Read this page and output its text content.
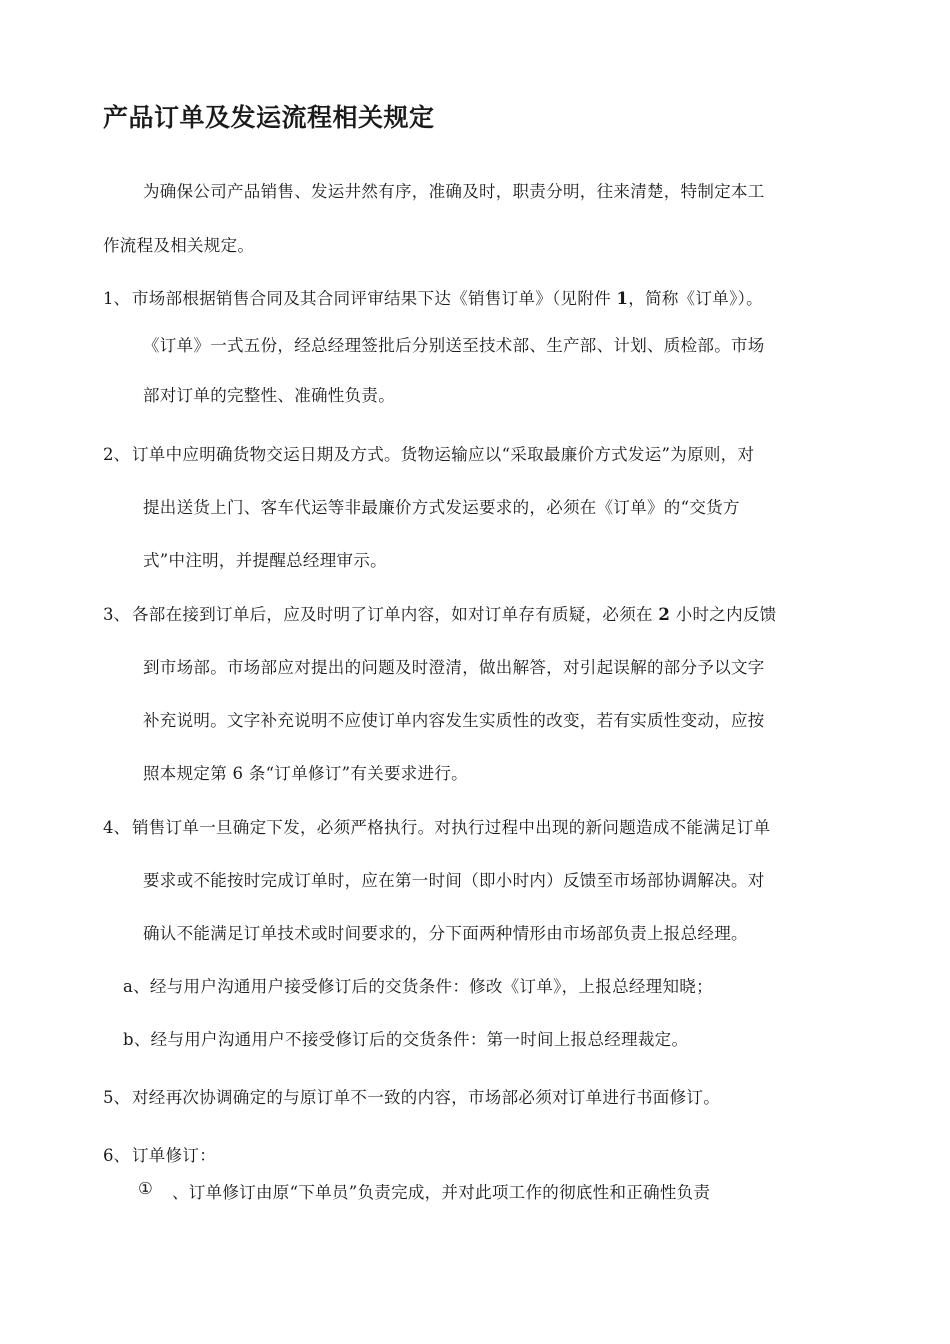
产品订单及发运流程相关规定
为确保公司产品销售、发运井然有序，准确及时，职责分明，往来清楚，特制定本工
作流程及相关规定。
1、 市场部根据销售合同及其合同评审结果下达《销售订单》（见附件 1，简称《订单》）。
《订单》一式五份，经总经理签批后分别送至技术部、生产部、计划、质检部。市场
部对订单的完整性、准确性负责。
2、 订单中应明确货物交运日期及方式。货物运输应以“采取最廉价方式发运”为原则，对
提出送货上门、客车代运等非最廉价方式发运要求的，必须在《订单》的“交货方
式”中注明，并提醒总经理审示。
3、 各部在接到订单后，应及时明了订单内容，如对订单存有质疑，必须在 2 小时之内反馈
到市场部。市场部应对提出的问题及时澄清，做出解答，对引起误解的部分予以文字
补充说明。文字补充说明不应使订单内容发生实质性的改变，若有实质性变动，应按
照本规定第 6 条“订单修订”有关要求进行。
4、 销售订单一旦确定下发，必须严格执行。对执行过程中出现的新问题造成不能满足订单
要求或不能按时完成订单时，应在第一时间（即小时内）反馈至市场部协调解决。对
确认不能满足订单技术或时间要求的，分下面两种情形由市场部负责上报总经理。
a、经与用户沟通用户接受修订后的交货条件：修改《订单》，上报总经理知晓；
b、经与用户沟通用户不接受修订后的交货条件：第一时间上报总经理裁定。
5、 对经再次协调确定的与原订单不一致的内容，市场部必须对订单进行书面修订。
6、 订单修订：
① 、订单修订由原“下单员”负责完成，并对此项工作的彻底性和正确性负责
